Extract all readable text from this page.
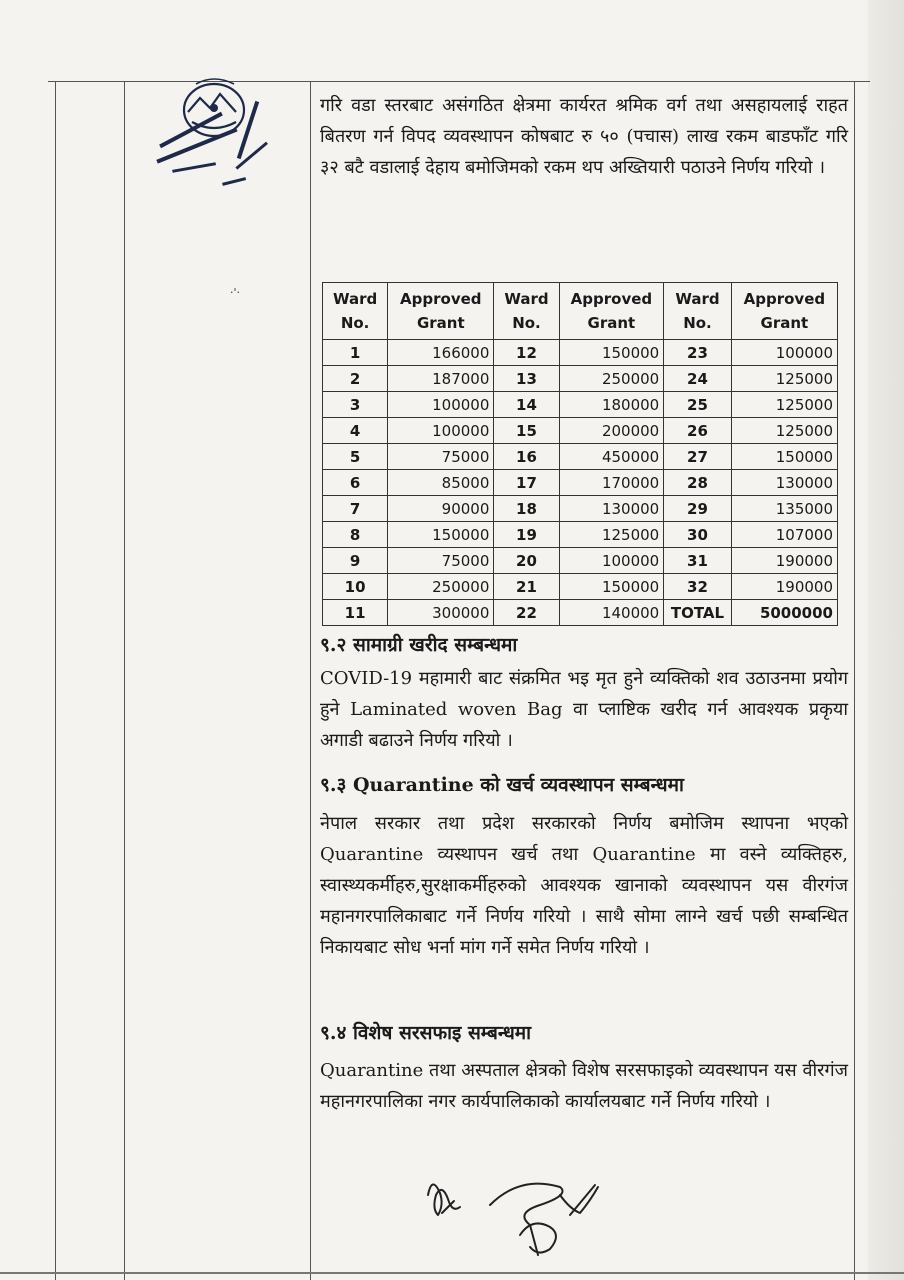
·'·
गरि वडा स्तरबाट असंगठित क्षेत्रमा कार्यरत श्रमिक वर्ग तथा असहायलाई राहत बितरण गर्न विपद व्यवस्थापन कोषबाट रु ५० (पचास) लाख रकम बाडफाँट गरि ३२ बटै वडालाई देहाय बमोजिमको रकम थप अख्तियारी पठाउने निर्णय गरियो ।
Ward No.	Approved Grant	Ward No.	Approved Grant	Ward No.	Approved Grant
1	166000	12	150000	23	100000
2	187000	13	250000	24	125000
3	100000	14	180000	25	125000
4	100000	15	200000	26	125000
5	75000	16	450000	27	150000
6	85000	17	170000	28	130000
7	90000	18	130000	29	135000
8	150000	19	125000	30	107000
9	75000	20	100000	31	190000
10	250000	21	150000	32	190000
11	300000	22	140000	TOTAL	5000000
९.२ सामाग्री खरीद सम्बन्धमा
COVID-19 महामारी बाट संक्रमित भइ मृत हुने व्यक्तिको शव उठाउनमा प्रयोग हुने Laminated woven Bag वा प्लाष्टिक खरीद गर्न आवश्यक प्रकृया अगाडी बढाउने निर्णय गरियो ।
९.३ Quarantine को खर्च व्यवस्थापन सम्बन्धमा
नेपाल सरकार तथा प्रदेश सरकारको निर्णय बमोजिम स्थापना भएको Quarantine व्यस्थापन खर्च तथा Quarantine मा वस्ने व्यक्तिहरु, स्वास्थ्यकर्मीहरु,सुरक्षाकर्मीहरुको आवश्यक खानाको व्यवस्थापन यस वीरगंज महानगरपालिकाबाट गर्ने निर्णय गरियो । साथै सोमा लाग्ने खर्च पछी सम्बन्धित निकायबाट सोध भर्ना मांग गर्ने समेत निर्णय गरियो ।
९.४ विशेष सरसफाइ सम्बन्धमा
Quarantine तथा अस्पताल क्षेत्रको विशेष सरसफाइको व्यवस्थापन यस वीरगंज महानगरपालिका नगर कार्यपालिकाको कार्यालयबाट गर्ने निर्णय गरियो ।
